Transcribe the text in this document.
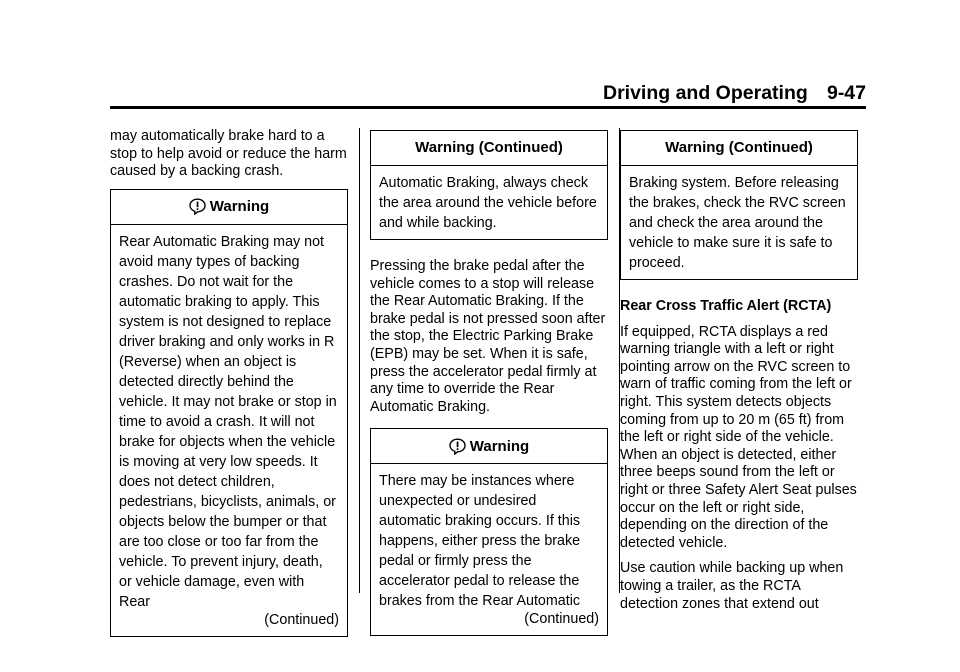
Driving and Operating 9-47

may automatically brake hard to a stop to help avoid or reduce the harm caused by a backing crash.

Warning

Rear Automatic Braking may not avoid many types of backing crashes. Do not wait for the automatic braking to apply. This system is not designed to replace driver braking and only works in R (Reverse) when an object is detected directly behind the vehicle. It may not brake or stop in time to avoid a crash. It will not brake for objects when the vehicle is moving at very low speeds. It does not detect children, pedestrians, bicyclists, animals, or objects below the bumper or that are too close or too far from the vehicle. To prevent injury, death, or vehicle damage, even with Rear

(Continued)

Warning (Continued)

Automatic Braking, always check the area around the vehicle before and while backing.

Pressing the brake pedal after the vehicle comes to a stop will release the Rear Automatic Braking. If the brake pedal is not pressed soon after the stop, the Electric Parking Brake (EPB) may be set. When it is safe, press the accelerator pedal firmly at any time to override the Rear Automatic Braking.

Warning

There may be instances where unexpected or undesired automatic braking occurs. If this happens, either press the brake pedal or firmly press the accelerator pedal to release the brakes from the Rear Automatic

(Continued)

Warning (Continued)

Braking system. Before releasing the brakes, check the RVC screen and check the area around the vehicle to make sure it is safe to proceed.

Rear Cross Traffic Alert (RCTA)

If equipped, RCTA displays a red warning triangle with a left or right pointing arrow on the RVC screen to warn of traffic coming from the left or right. This system detects objects coming from up to 20 m (65 ft) from the left or right side of the vehicle. When an object is detected, either three beeps sound from the left or right or three Safety Alert Seat pulses occur on the left or right side, depending on the direction of the detected vehicle.

Use caution while backing up when towing a trailer, as the RCTA detection zones that extend out
